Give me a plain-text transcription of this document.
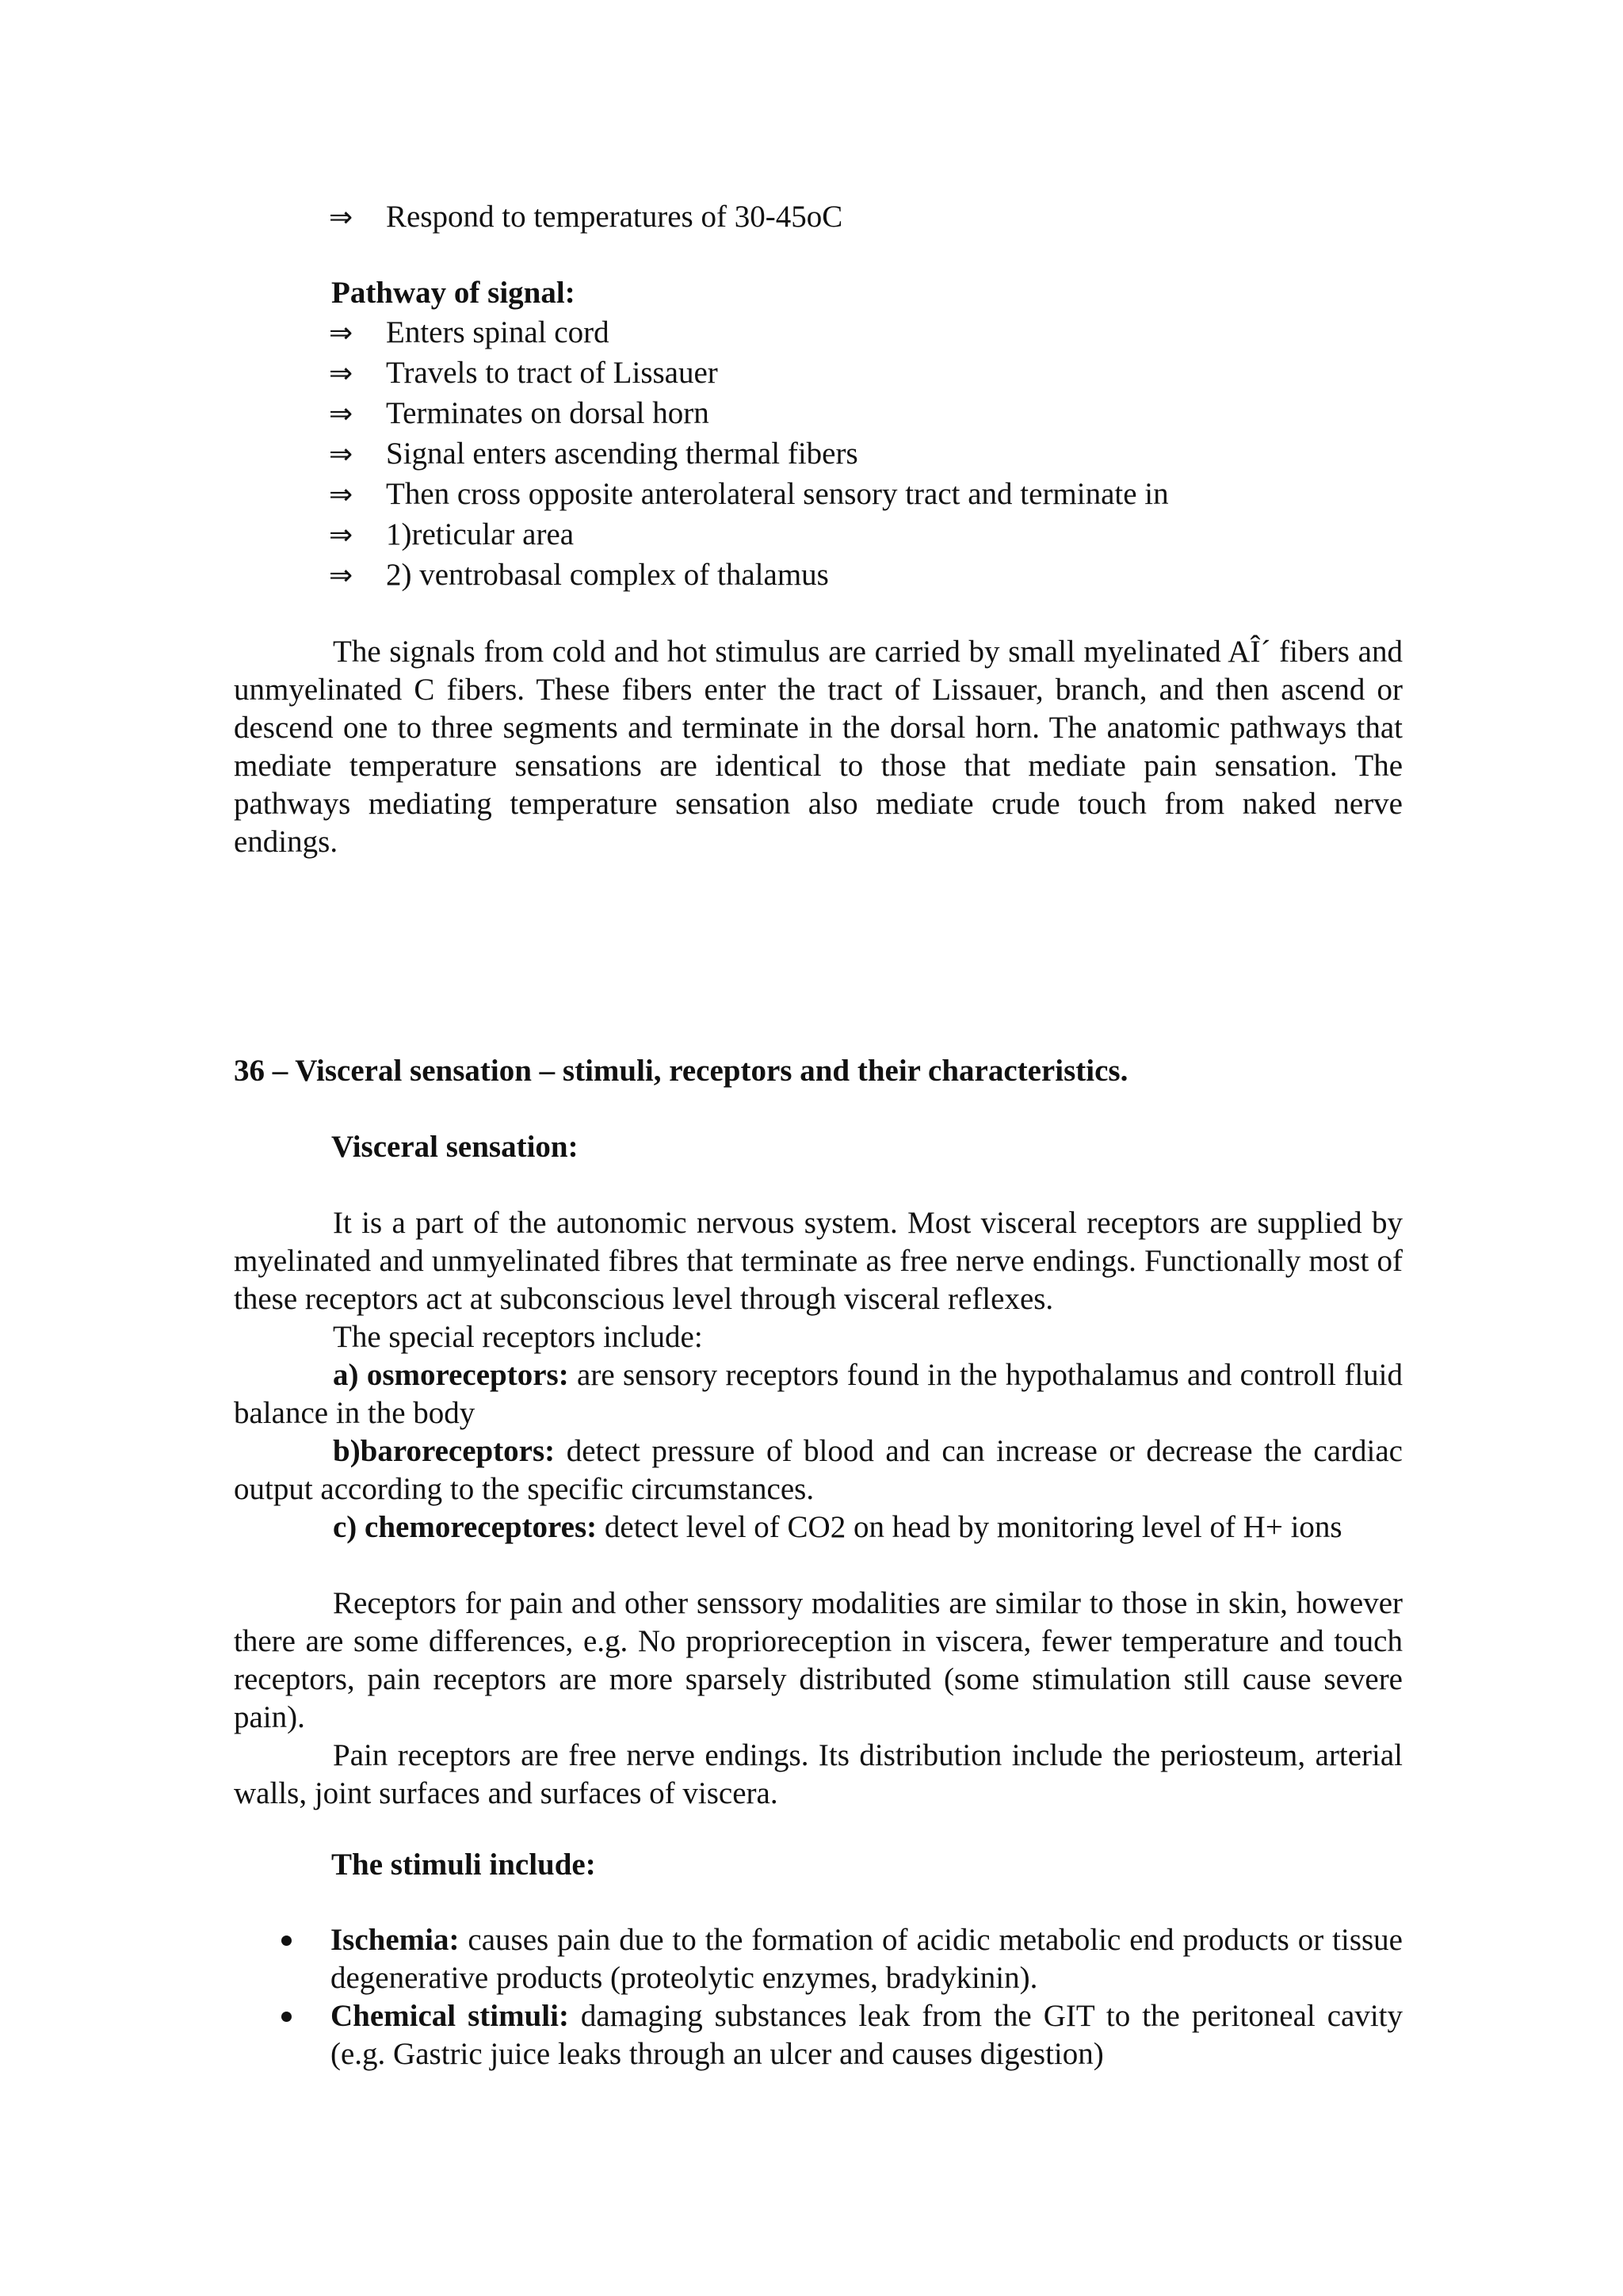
⇒ Respond to temperatures of 30-45oC
Pathway of signal:
⇒ Enters spinal cord
⇒ Travels to tract of Lissauer
⇒ Terminates on dorsal horn
⇒ Signal enters ascending thermal fibers
⇒ Then cross opposite anterolateral sensory tract and terminate in
⇒ 1)reticular area
⇒ 2) ventrobasal complex of thalamus

The signals from cold and hot stimulus are carried by small myelinated AÎ´ fibers and unmyelinated C fibers. These fibers enter the tract of Lissauer, branch, and then ascend or descend one to three segments and terminate in the dorsal horn. The anatomic pathways that mediate temperature sensations are identical to those that mediate pain sensation. The pathways mediating temperature sensation also mediate crude touch from naked nerve endings.

36 – Visceral sensation – stimuli, receptors and their characteristics.
Visceral sensation:

It is a part of the autonomic nervous system. Most visceral receptors are supplied by myelinated and unmyelinated fibres that terminate as free nerve endings. Functionally most of these receptors act at subconscious level through visceral reflexes.

The special receptors include:

a) osmoreceptors: are sensory receptors found in the hypothalamus and controll fluid balance in the body

b)baroreceptors: detect pressure of blood and can increase or decrease the cardiac output according to the specific circumstances.

c) chemoreceptores: detect level of CO2 on head by monitoring level of H+ ions

Receptors for pain and other senssory modalities are similar to those in skin, however there are some differences, e.g. No proprioreception in viscera, fewer temperature and touch receptors, pain receptors are more sparsely distributed (some stimulation still cause severe pain).

Pain receptors are free nerve endings. Its distribution include the periosteum, arterial walls, joint surfaces and surfaces of viscera.

The stimuli include:
Ischemia: causes pain due to the formation of acidic metabolic end products or tissue degenerative products (proteolytic enzymes, bradykinin).
Chemical stimuli: damaging substances leak from the GIT to the peritoneal cavity (e.g. Gastric juice leaks through an ulcer and causes digestion)
